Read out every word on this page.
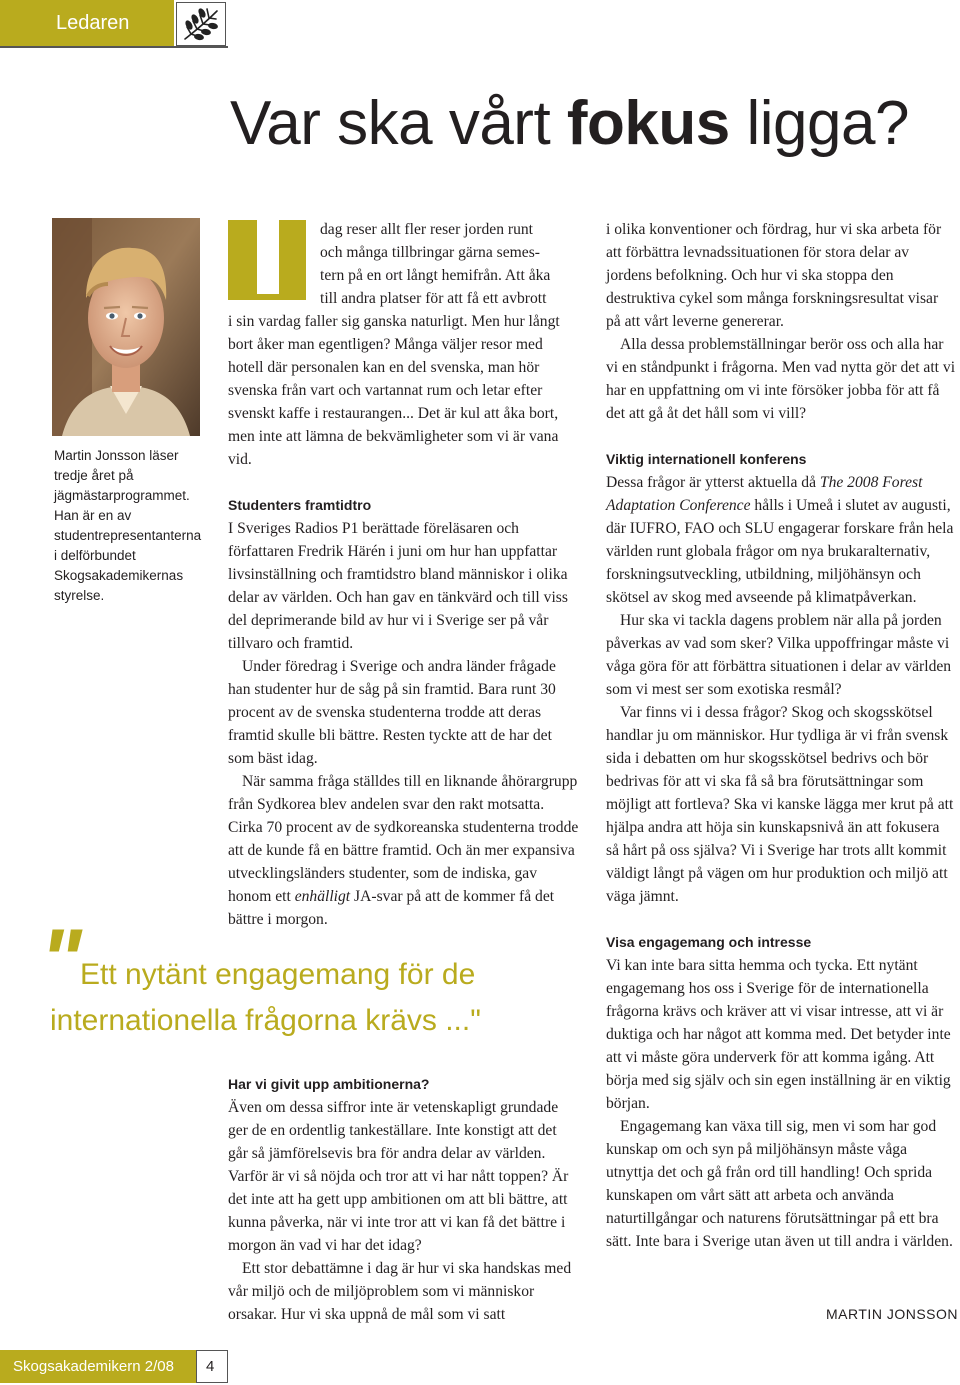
Ledaren
Var ska vårt fokus ligga?
Martin Jonsson läser tredje året på jägmästarprogrammet. Han är en av studentrepresentanterna i delförbundet Skogsakademikernas styrelse.
dag reser allt fler reser jorden runt
och många tillbringar gärna semes-
tern på en ort långt hemifrån. Att åka
till andra platser för att få ett avbrott

i sin vardag faller sig ganska naturligt. Men hur långt bort åker man egentligen? Många väljer resor med hotell där personalen kan en del svenska, man hör svenska från vart och vartannat rum och letar efter svenskt kaffe i restaurangen... Det är kul att åka bort, men inte att lämna de bekvämligheter som vi är vana vid.

Studenters framtidtro

I Sveriges Radios P1 berättade föreläsaren och författaren Fredrik Härén i juni om hur han uppfattar livsinställning och framtidstro bland människor i olika delar av världen. Och han gav en tänkvärd och till viss del deprimerande bild av hur vi i Sverige ser på vår tillvaro och framtid.

Under föredrag i Sverige och andra länder frågade han studenter hur de såg på sin framtid. Bara runt 30 procent av de svenska studenterna trodde att deras framtid skulle bli bättre. Resten tyckte att de har det som bäst idag.

När samma fråga ställdes till en liknande åhörargrupp från Sydkorea blev andelen svar den rakt motsatta. Cirka 70 procent av de sydkoreanska studenterna trodde att de kunde få en bättre framtid. Och än mer expansiva utvecklingsländers studenter, som de indiska, gav honom ett enhälligt JA-svar på att de kommer få det bättre i morgon.

"
Ett nytänt engagemang för de
internationella frågorna krävs ..."
Har vi givit upp ambitionerna?

Även om dessa siffror inte är vetenskapligt grundade ger de en ordentlig tankeställare. Inte konstigt att det går så jämförelsevis bra för andra delar av världen. Varför är vi så nöjda och tror att vi har nått toppen? Är det inte att ha gett upp ambitionen om att bli bättre, att kunna påverka, när vi inte tror att vi kan få det bättre i morgon än vad vi har det idag?

Ett stor debattämne i dag är hur vi ska handskas med vår miljö och de miljöproblem som vi människor orsakar. Hur vi ska uppnå de mål som vi satt

i olika konventioner och fördrag, hur vi ska arbeta för att förbättra levnadssituationen för stora delar av jordens befolkning. Och hur vi ska stoppa den destruktiva cykel som många forskningsresultat visar på att vårt leverne genererar.

Alla dessa problemställningar berör oss och alla har vi en ståndpunkt i frågorna. Men vad nytta gör det att vi har en uppfattning om vi inte försöker jobba för att få det att gå åt det håll som vi vill?

Viktig internationell konferens

Dessa frågor är ytterst aktuella då The 2008 Forest Adaptation Conference hålls i Umeå i slutet av augusti, där IUFRO, FAO och SLU engagerar forskare från hela världen runt globala frågor om nya brukaralternativ, forskningsutveckling, utbildning, miljöhänsyn och skötsel av skog med avseende på klimatpåverkan.

Hur ska vi tackla dagens problem när alla på jorden påverkas av vad som sker? Vilka uppoffringar måste vi våga göra för att förbättra situationen i delar av världen som vi mest ser som exotiska resmål?

Var finns vi i dessa frågor? Skog och skogsskötsel handlar ju om människor. Hur tydliga är vi från svensk sida i debatten om hur skogsskötsel bedrivs och bör bedrivas för att vi ska få så bra förutsättningar som möjligt att fortleva? Ska vi kanske lägga mer krut på att hjälpa andra att höja sin kunskapsnivå än att fokusera så hårt på oss själva? Vi i Sverige har trots allt kommit väldigt långt på vägen om hur produktion och miljö att väga jämnt.

Visa engagemang och intresse

Vi kan inte bara sitta hemma och tycka. Ett nytänt engagemang hos oss i Sverige för de internationella frågorna krävs och kräver att vi visar intresse, att vi är duktiga och har något att komma med. Det betyder inte att vi måste göra underverk för att komma igång. Att börja med sig själv och sin egen inställning är en viktig början.

Engagemang kan växa till sig, men vi som har god kunskap om och syn på miljöhänsyn måste våga utnyttja det och gå från ord till handling! Och sprida kunskapen om vårt sätt att arbeta och använda naturtillgångar och naturens förutsättningar på ett bra sätt. Inte bara i Sverige utan även ut till andra i världen.

MARTIN JONSSON
Skogsakademikern 2/08 4
